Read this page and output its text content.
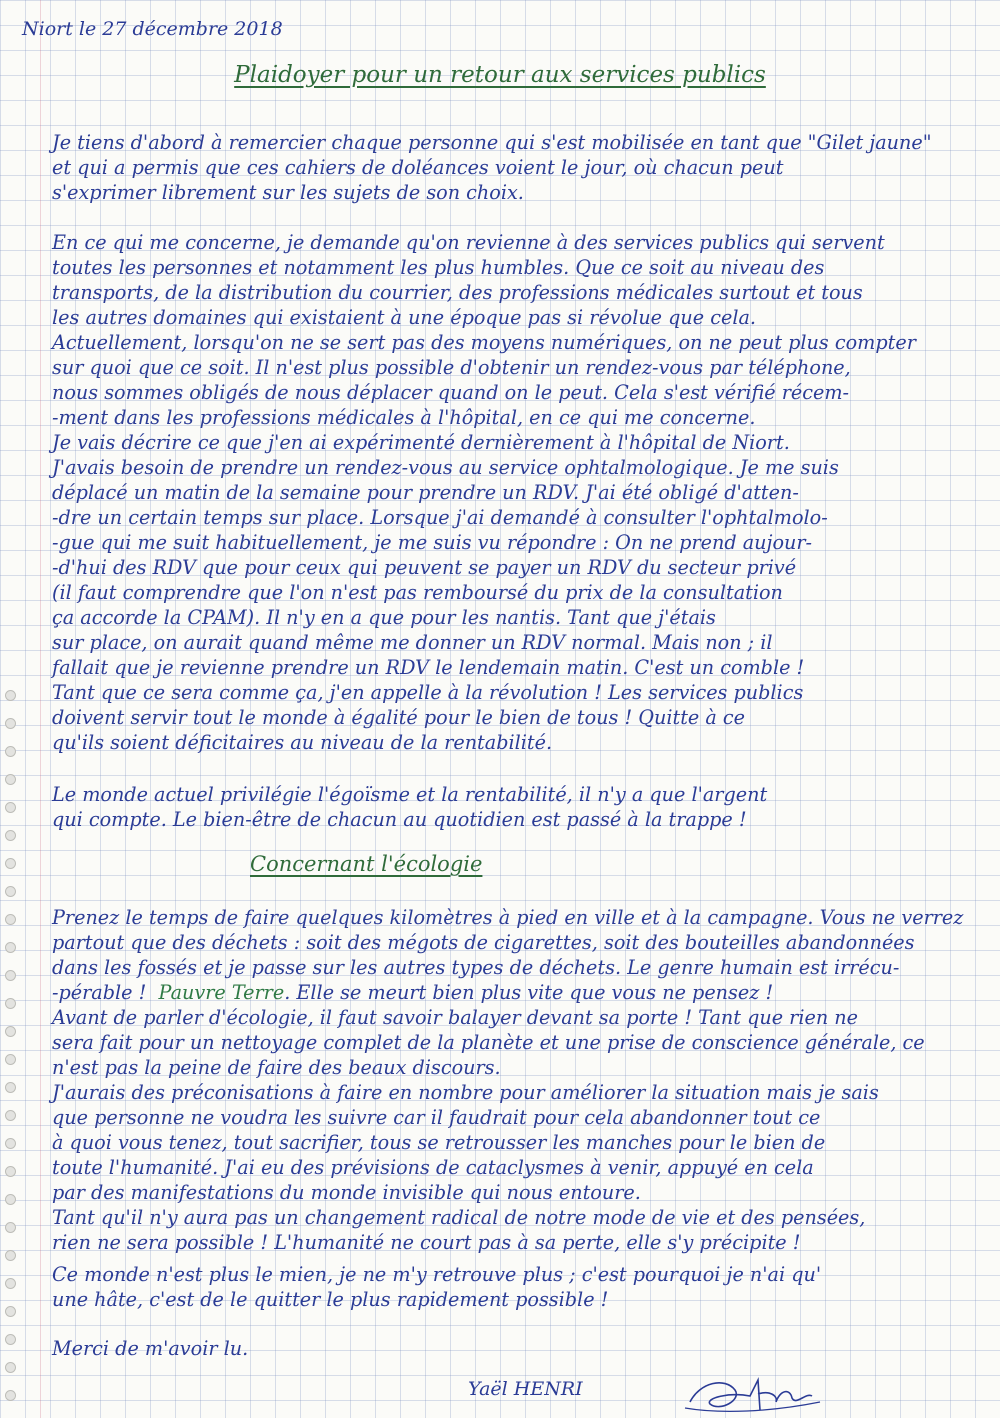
Niort le 27 décembre 2018
Plaidoyer pour un retour aux services publics
Je tiens d'abord à remercier chaque personne qui s'est mobilisée en tant que "Gilet jaune"
et qui a permis que ces cahiers de doléances voient le jour, où chacun peut
s'exprimer librement sur les sujets de son choix.
En ce qui me concerne, je demande qu'on revienne à des services publics qui servent
toutes les personnes et notamment les plus humbles. Que ce soit au niveau des
transports, de la distribution du courrier, des professions médicales surtout et tous
les autres domaines qui existaient à une époque pas si révolue que cela.
Actuellement, lorsqu'on ne se sert pas des moyens numériques, on ne peut plus compter
sur quoi que ce soit. Il n'est plus possible d'obtenir un rendez-vous par téléphone,
nous sommes obligés de nous déplacer quand on le peut. Cela s'est vérifié récem-
-ment dans les professions médicales à l'hôpital, en ce qui me concerne.
Je vais décrire ce que j'en ai expérimenté dernièrement à l'hôpital de Niort.
J'avais besoin de prendre un rendez-vous au service ophtalmologique. Je me suis
déplacé un matin de la semaine pour prendre un RDV. J'ai été obligé d'atten-
-dre un certain temps sur place. Lorsque j'ai demandé à consulter l'ophtalmolo-
-gue qui me suit habituellement, je me suis vu répondre : On ne prend aujour-
-d'hui des RDV que pour ceux qui peuvent se payer un RDV du secteur privé
(il faut comprendre que l'on n'est pas remboursé du prix de la consultation
ça accorde la CPAM). Il n'y en a que pour les nantis. Tant que j'étais
sur place, on aurait quand même me donner un RDV normal. Mais non ; il
fallait que je revienne prendre un RDV le lendemain matin. C'est un comble !
Tant que ce sera comme ça, j'en appelle à la révolution ! Les services publics
doivent servir tout le monde à égalité pour le bien de tous ! Quitte à ce
qu'ils soient déficitaires au niveau de la rentabilité.
Le monde actuel privilégie l'égoïsme et la rentabilité, il n'y a que l'argent
qui compte. Le bien-être de chacun au quotidien est passé à la trappe !
Concernant l'écologie
Prenez le temps de faire quelques kilomètres à pied en ville et à la campagne. Vous ne verrez
partout que des déchets : soit des mégots de cigarettes, soit des bouteilles abandonnées
dans les fossés et je passe sur les autres types de déchets. Le genre humain est irrécu-
-pérable ! Pauvre Terre. Elle se meurt bien plus vite que vous ne pensez !
Avant de parler d'écologie, il faut savoir balayer devant sa porte ! Tant que rien ne
sera fait pour un nettoyage complet de la planète et une prise de conscience générale, ce
n'est pas la peine de faire des beaux discours.
J'aurais des préconisations à faire en nombre pour améliorer la situation mais je sais
que personne ne voudra les suivre car il faudrait pour cela abandonner tout ce
à quoi vous tenez, tout sacrifier, tous se retrousser les manches pour le bien de
toute l'humanité. J'ai eu des prévisions de cataclysmes à venir, appuyé en cela
par des manifestations du monde invisible qui nous entoure.
Tant qu'il n'y aura pas un changement radical de notre mode de vie et des pensées,
rien ne sera possible ! L'humanité ne court pas à sa perte, elle s'y précipite !
Ce monde n'est plus le mien, je ne m'y retrouve plus ; c'est pourquoi je n'ai qu'
une hâte, c'est de le quitter le plus rapidement possible !
Merci de m'avoir lu.
Yaël HENRI
